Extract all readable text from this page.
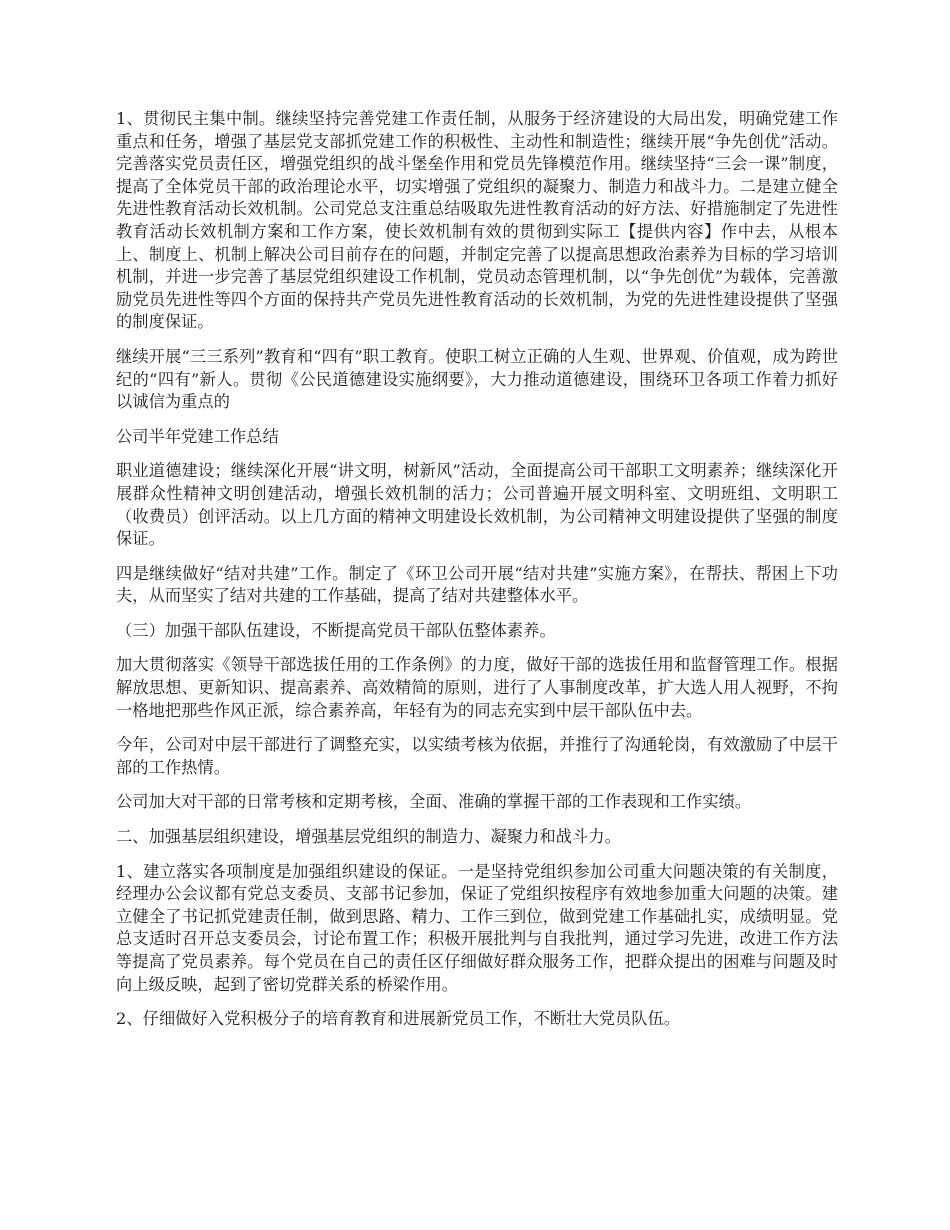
1、贯彻民主集中制。继续坚持完善党建工作责任制，从服务于经济建设的大局出发，明确党建工作重点和任务，增强了基层党支部抓党建工作的积极性、主动性和制造性；继续开展“争先创优”活动。完善落实党员责任区，增强党组织的战斗堡垒作用和党员先锋模范作用。继续坚持“三会一课”制度，提高了全体党员干部的政治理论水平，切实增强了党组织的凝聚力、制造力和战斗力。二是建立健全先进性教育活动长效机制。公司党总支注重总结吸取先进性教育活动的好方法、好措施制定了先进性教育活动长效机制方案和工作方案，使长效机制有效的贯彻到实际工【提供内容】作中去，从根本上、制度上、机制上解决公司目前存在的问题，并制定完善了以提高思想政治素养为目标的学习培训机制，并进一步完善了基层党组织建设工作机制，党员动态管理机制，以“争先创优”为载体，完善激励党员先进性等四个方面的保持共产党员先进性教育活动的长效机制，为党的先进性建设提供了坚强的制度保证。

继续开展“三三系列”教育和“四有”职工教育。使职工树立正确的人生观、世界观、价值观，成为跨世纪的“四有”新人。贯彻《公民道德建设实施纲要》，大力推动道德建设，围绕环卫各项工作着力抓好以诚信为重点的

公司半年党建工作总结

职业道德建设；继续深化开展“讲文明，树新风”活动，全面提高公司干部职工文明素养；继续深化开展群众性精神文明创建活动，增强长效机制的活力；公司普遍开展文明科室、文明班组、文明职工（收费员）创评活动。以上几方面的精神文明建设长效机制，为公司精神文明建设提供了坚强的制度保证。

四是继续做好“结对共建”工作。制定了《环卫公司开展“结对共建”实施方案》，在帮扶、帮困上下功夫，从而坚实了结对共建的工作基础，提高了结对共建整体水平。

（三）加强干部队伍建设，不断提高党员干部队伍整体素养。

加大贯彻落实《领导干部选拔任用的工作条例》的力度，做好干部的选拔任用和监督管理工作。根据解放思想、更新知识、提高素养、高效精简的原则，进行了人事制度改革，扩大选人用人视野，不拘一格地把那些作风正派，综合素养高，年轻有为的同志充实到中层干部队伍中去。

今年，公司对中层干部进行了调整充实，以实绩考核为依据，并推行了沟通轮岗，有效激励了中层干部的工作热情。

公司加大对干部的日常考核和定期考核，全面、准确的掌握干部的工作表现和工作实绩。

二、加强基层组织建设，增强基层党组织的制造力、凝聚力和战斗力。

1、建立落实各项制度是加强组织建设的保证。一是坚持党组织参加公司重大问题决策的有关制度，经理办公会议都有党总支委员、支部书记参加，保证了党组织按程序有效地参加重大问题的决策。建立健全了书记抓党建责任制，做到思路、精力、工作三到位，做到党建工作基础扎实，成绩明显。党总支适时召开总支委员会，讨论布置工作；积极开展批判与自我批判，通过学习先进，改进工作方法等提高了党员素养。每个党员在自己的责任区仔细做好群众服务工作，把群众提出的困难与问题及时向上级反映，起到了密切党群关系的桥梁作用。

2、仔细做好入党积极分子的培育教育和进展新党员工作，不断壮大党员队伍。
